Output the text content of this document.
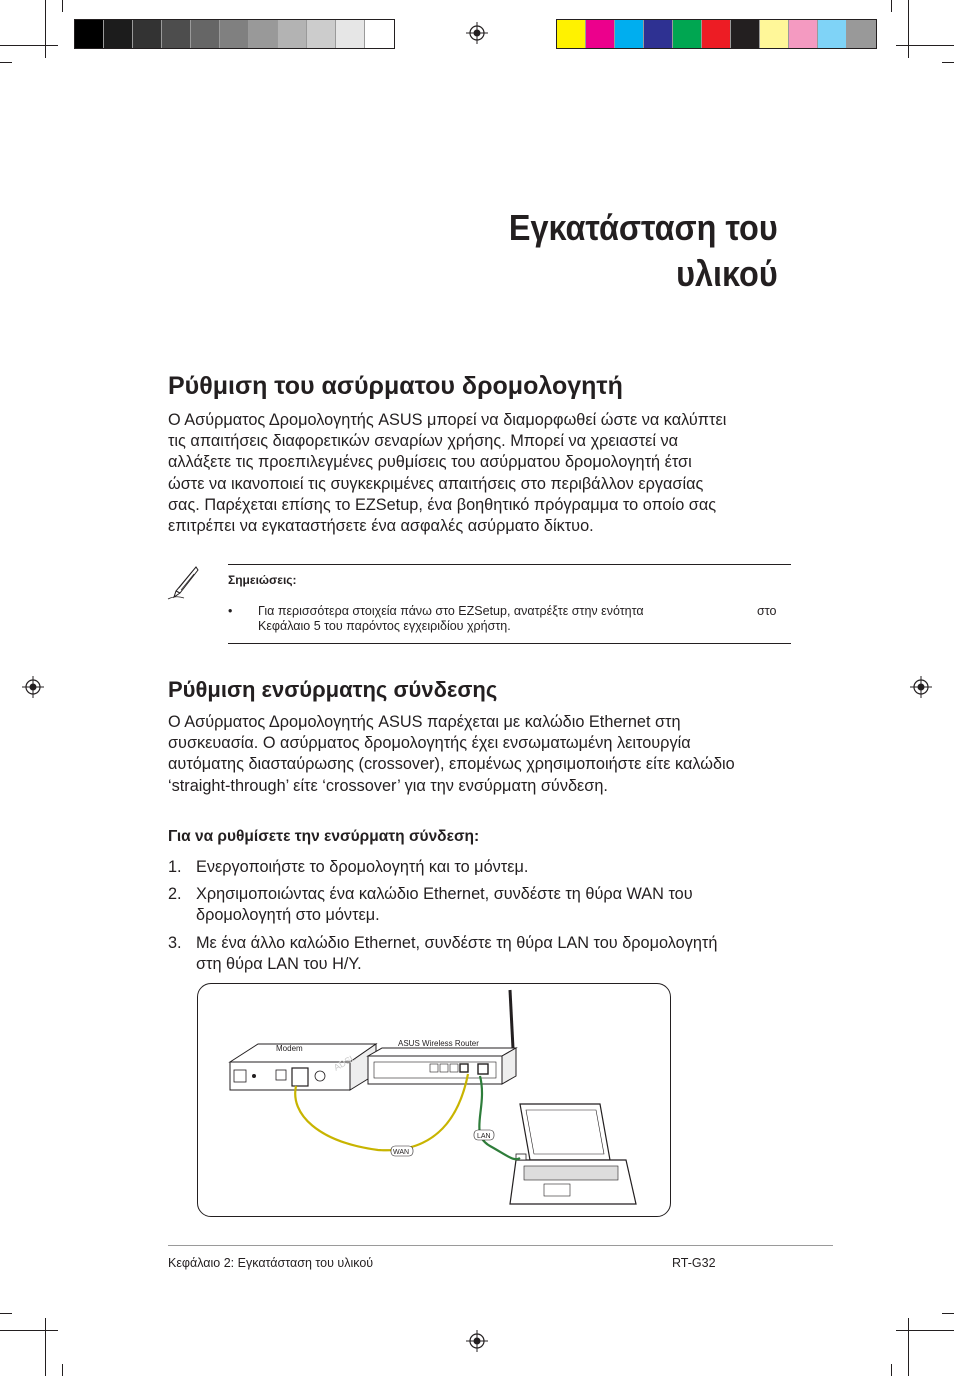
Εγκατάσταση του
υλικού
Ρύθμιση του ασύρματου δρομολογητή
Ο Ασύρματος Δρομολογητής ASUS μπορεί να διαμορφωθεί ώστε να καλύπτει
τις απαιτήσεις διαφορετικών σεναρίων χρήσης. Μπορεί να χρειαστεί να
αλλάξετε τις προεπιλεγμένες ρυθμίσεις του ασύρματου δρομολογητή έτσι
ώστε να ικανοποιεί τις συγκεκριμένες απαιτήσεις στο περιβάλλον εργασίας
σας. Παρέχεται επίσης το EZSetup, ένα βοηθητικό πρόγραμμα το οποίο σας
επιτρέπει να εγκαταστήσετε ένα ασφαλές ασύρματο δίκτυο.
Σημειώσεις:
•	Για περισσότερα στοιχεία πάνω στο EZSetup, ανατρέξτε στην ενότητα
Κεφάλαιο 5 του παρόντος εγχειριδίου χρήστη.
στο
Ρύθμιση ενσύρματης σύνδεσης
Ο Ασύρματος Δρομολογητής ASUS παρέχεται με καλώδιο Ethernet στη
συσκευασία. Ο ασύρματος δρομολογητής έχει ενσωματωμένη λειτουργία
αυτόματης διασταύρωσης (crossover), επομένως χρησιμοποιήστε είτε καλώδιο
‘straight-through’ είτε ‘crossover’ για την ενσύρματη σύνδεση.
Για να ρυθμίσετε την ενσύρματη σύνδεση:
1. Ενεργοποιήστε το δρομολογητή και το μόντεμ.
2. Χρησιμοποιώντας ένα καλώδιο Ethernet, συνδέστε τη θύρα WAN του
δρομολογητή στο μόντεμ.
3. Με ένα άλλο καλώδιο Ethernet, συνδέστε τη θύρα LAN του δρομολογητή
στη θύρα LAN του Η/Υ.
Modem
ADSL
ASUS Wireless Router
WAN
LAN
Κεφάλαιο 2: Εγκατάσταση του υλικού	RT-G32
